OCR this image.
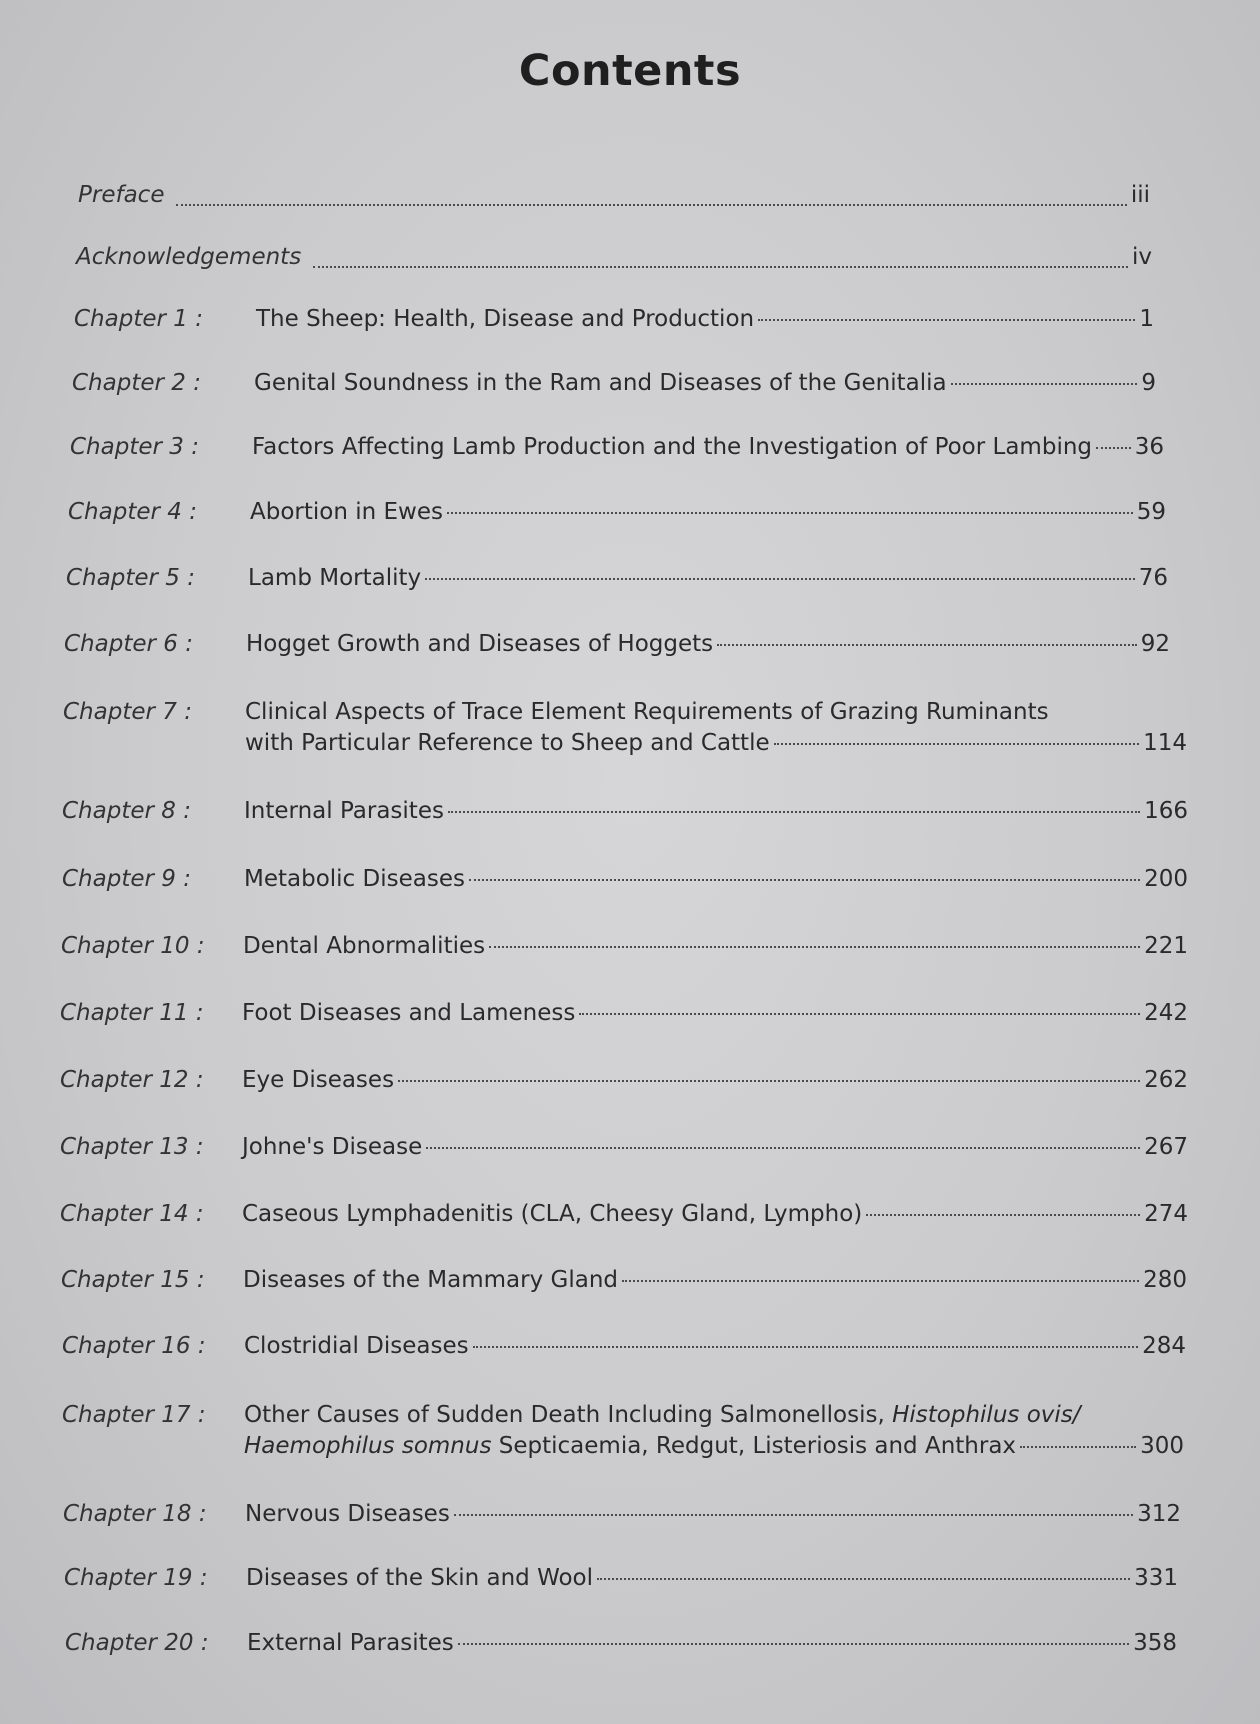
Contents
Preface	iii
Acknowledgements	iv
Chapter 1 :	The Sheep: Health, Disease and Production	1
Chapter 2 :	Genital Soundness in the Ram and Diseases of the Genitalia	9
Chapter 3 :	Factors Affecting Lamb Production and the Investigation of Poor Lambing 36
Chapter 4 :	Abortion in Ewes	59
Chapter 5 :	Lamb Mortality	76
Chapter 6 :	Hogget Growth and Diseases of Hoggets	92
Chapter 7 :	Clinical Aspects of Trace Element Requirements of Grazing Ruminants
with Particular Reference to Sheep and Cattle	114
Chapter 8 :	Internal Parasites	166
Chapter 9 :	Metabolic Diseases	200
Chapter 10 :	Dental Abnormalities	221
Chapter 11 :	Foot Diseases and Lameness	242
Chapter 12 :	Eye Diseases	262
Chapter 13 :	Johne's Disease	267
Chapter 14 :	Caseous Lymphadenitis (CLA, Cheesy Gland, Lympho)	274
Chapter 15 :	Diseases of the Mammary Gland	280
Chapter 16 :	Clostridial Diseases	284
Chapter 17 :	Other Causes of Sudden Death Including Salmonellosis, Histophilus ovis/
Haemophilus somnus Septicaemia, Redgut, Listeriosis and Anthrax	300
Chapter 18 :	Nervous Diseases	312
Chapter 19 :	Diseases of the Skin and Wool	331
Chapter 20 :	External Parasites	358
